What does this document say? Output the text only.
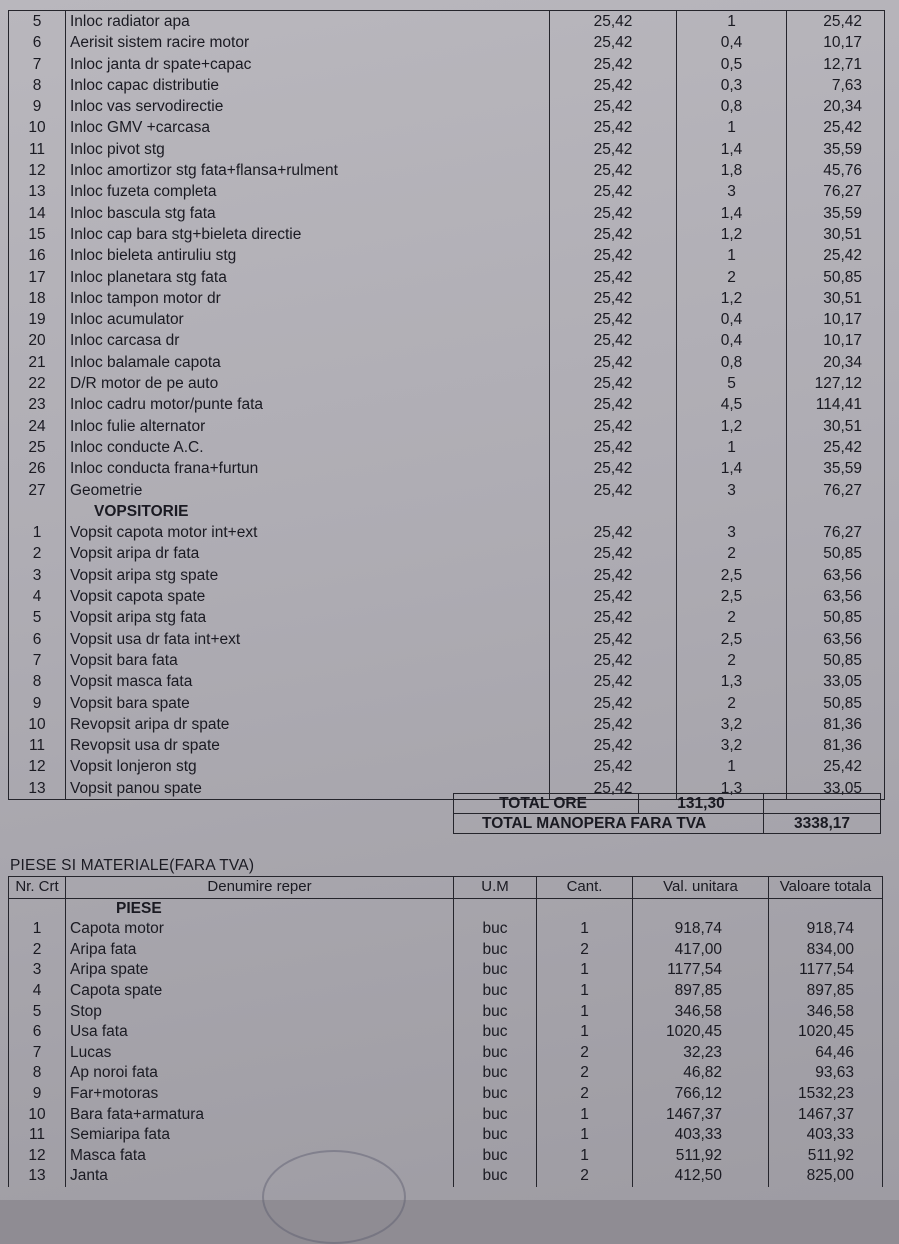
5	Inloc radiator apa	25,42	1	25,42
6	Aerisit sistem racire motor	25,42	0,4	10,17
7	Inloc janta dr spate+capac	25,42	0,5	12,71
8	Inloc capac distributie	25,42	0,3	7,63
9	Inloc vas servodirectie	25,42	0,8	20,34
10	Inloc GMV +carcasa	25,42	1	25,42
11	Inloc pivot stg	25,42	1,4	35,59
12	Inloc amortizor stg fata+flansa+rulment	25,42	1,8	45,76
13	Inloc fuzeta completa	25,42	3	76,27
14	Inloc bascula stg fata	25,42	1,4	35,59
15	Inloc cap bara stg+bieleta directie	25,42	1,2	30,51
16	Inloc bieleta antiruliu stg	25,42	1	25,42
17	Inloc planetara stg fata	25,42	2	50,85
18	Inloc tampon motor dr	25,42	1,2	30,51
19	Inloc acumulator	25,42	0,4	10,17
20	Inloc carcasa dr	25,42	0,4	10,17
21	Inloc balamale capota	25,42	0,8	20,34
22	D/R motor de pe auto	25,42	5	127,12
23	Inloc cadru motor/punte fata	25,42	4,5	114,41
24	Inloc fulie alternator	25,42	1,2	30,51
25	Inloc conducte A.C.	25,42	1	25,42
26	Inloc conducta frana+furtun	25,42	1,4	35,59
27	Geometrie	25,42	3	76,27
	VOPSITORIE			
1	Vopsit capota motor int+ext	25,42	3	76,27
2	Vopsit aripa dr fata	25,42	2	50,85
3	Vopsit aripa stg spate	25,42	2,5	63,56
4	Vopsit capota spate	25,42	2,5	63,56
5	Vopsit aripa stg fata	25,42	2	50,85
6	Vopsit usa dr fata int+ext	25,42	2,5	63,56
7	Vopsit bara fata	25,42	2	50,85
8	Vopsit masca fata	25,42	1,3	33,05
9	Vopsit bara spate	25,42	2	50,85
10	Revopsit aripa dr spate	25,42	3,2	81,36
11	Revopsit usa dr spate	25,42	3,2	81,36
12	Vopsit lonjeron stg	25,42	1	25,42
13	Vopsit panou spate	25,42	1,3	33,05
TOTAL ORE	131,30	
TOTAL MANOPERA FARA TVA		3338,17
PIESE SI MATERIALE(FARA TVA)
Nr. Crt	Denumire reper	U.M	Cant.	Val. unitara	Valoare totala
	PIESE				
1	Capota motor	buc	1	918,74	918,74
2	Aripa fata	buc	2	417,00	834,00
3	Aripa spate	buc	1	1177,54	1177,54
4	Capota spate	buc	1	897,85	897,85
5	Stop	buc	1	346,58	346,58
6	Usa fata	buc	1	1020,45	1020,45
7	Lucas	buc	2	32,23	64,46
8	Ap noroi fata	buc	2	46,82	93,63
9	Far+motoras	buc	2	766,12	1532,23
10	Bara fata+armatura	buc	1	1467,37	1467,37
11	Semiaripa fata	buc	1	403,33	403,33
12	Masca fata	buc	1	511,92	511,92
13	Janta	buc	2	412,50	825,00
